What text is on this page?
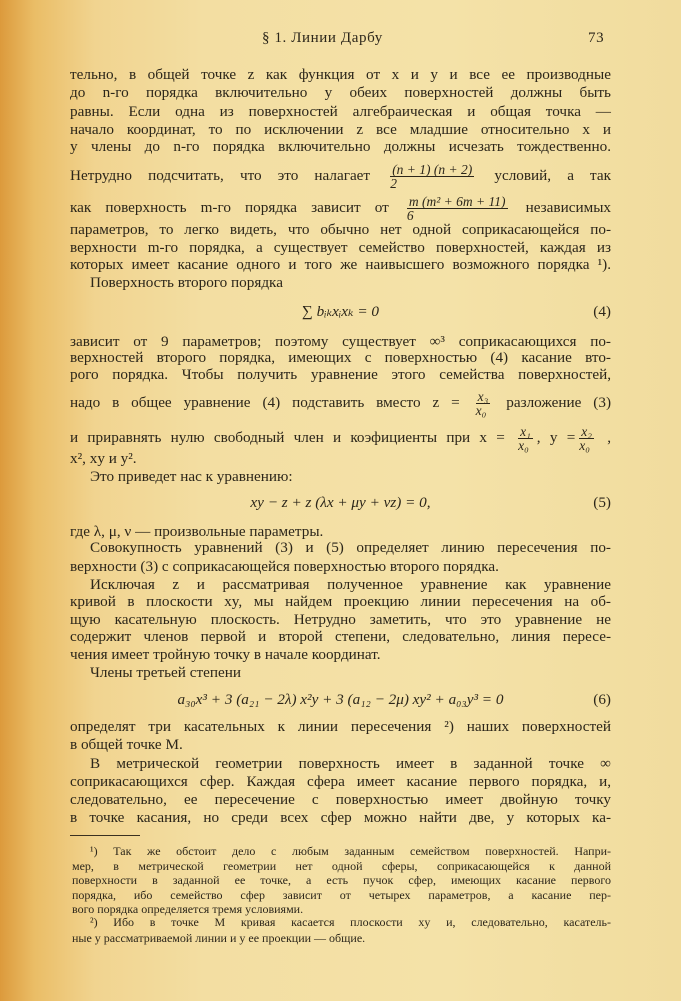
§ 1. Линии Дарбу	73
тельно, в общей точке z как функция от x и y и все ее производные
до n-го порядка включительно у обеих поверхностей должны быть
равны. Если одна из поверхностей алгебраическая и общая точка —
начало координат, то по исключении z все младшие относительно x и
y члены до n-го порядка включительно должны исчезать тождественно.
Нетрудно подсчитать, что это налагает $\frac{(n + 1) (n + 2)}{2}$ условий, а так
как поверхность m-го порядка зависит от $\frac{\text{m (m² + 6m + 11)}}{6}$ независимых
параметров, то легко видеть, что обычно нет одной соприкасающейся по-
верхности m-го порядка, а существует семейство поверхностей, каждая из
которых имеет касание одного и того же наивысшего возможного порядка ¹).
Поверхность второго порядка
∑ bᵢₖxᵢxₖ = 0	(4)
зависит от 9 параметров; поэтому существует ∞³ соприкасающихся по-
верхностей второго порядка, имеющих с поверхностью (4) касание вто-
рого порядка. Чтобы получить уравнение этого семейства поверхностей,
надо в общее уравнение (4) подставить вместо $z = \frac{\text{x₃}}{\text{x₀}}$ разложение (3)
и приравнять нулю свободный член и коэфициенты при $x = \frac{\text{x₁}}{\text{x₀}}$ , $y = \frac{\text{x₂}}{\text{x₀}}$ ,
x², xy и y².
Это приведет нас к уравнению:
xy − z + z (λx + μy + νz) = 0,	(5)
где λ, μ, ν — произвольные параметры.
Совокупность уравнений (3) и (5) определяет линию пересечения по-
верхности (3) с соприкасающейся поверхностью второго порядка.
Исключая z и рассматривая полученное уравнение как уравнение
кривой в плоскости xy, мы найдем проекцию линии пересечения на об-
щую касательную плоскость. Нетрудно заметить, что это уравнение не
содержит членов первой и второй степени, следовательно, линия пересе-
чения имеет тройную точку в начале координат.
Члены третьей степени
a₃₀x³ + 3 (a₂₁ − 2λ) x²y + 3 (a₁₂ − 2μ) xy² + a₀₃y³ = 0	(6)
определят три касательных к линии пересечения ²) наших поверхностей
в общей точке M.
В метрической геометрии поверхность имеет в заданной точке ∞
соприкасающихся сфер. Каждая сфера имеет касание первого порядка, и,
следовательно, ее пересечение с поверхностью имеет двойную точку
в точке касания, но среди всех сфер можно найти две, у которых ка-
¹) Так же обстоит дело с любым заданным семейством поверхностей. Напри-
мер, в метрической геометрии нет одной сферы, соприкасающейся к данной
поверхности в заданной ее точке, а есть пучок сфер, имеющих касание первого
порядка, ибо семейство сфер зависит от четырех параметров, а касание пер-
вого порядка определяется тремя условиями.
²) Ибо в точке M кривая касается плоскости xy и, следовательно, касатель-
ные у рассматриваемой линии и у ее проекции — общие.
